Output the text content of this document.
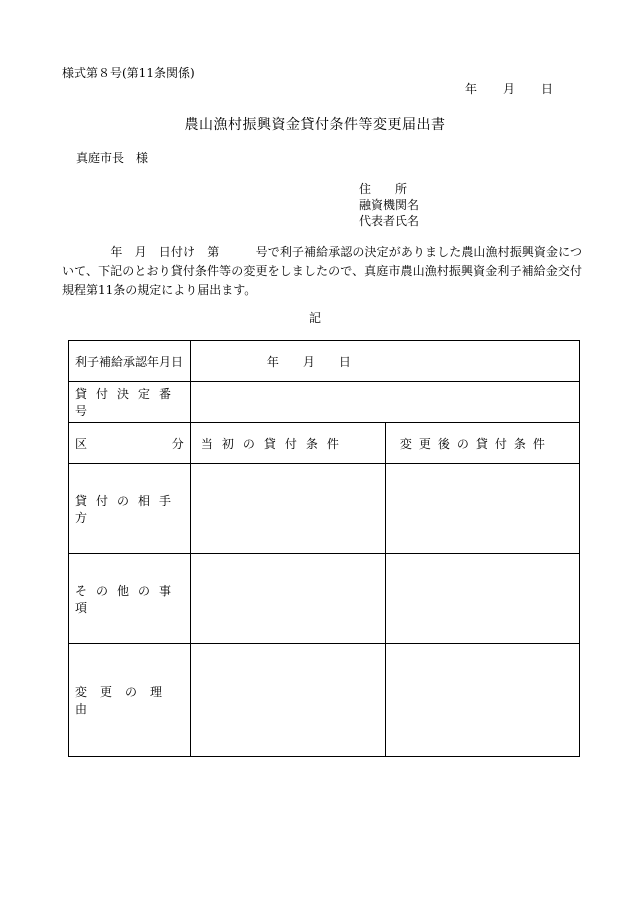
様式第８号(第11条関係)
年 月 日
農山漁村振興資金貸付条件等変更届出書
真庭市長　様
住　　所
融資機関名
代表者氏名
　　　　年　月　日付け　第　　　号で利子補給承認の決定がありました農山漁村振興資金について、下記のとおり貸付条件等の変更をしましたので、真庭市農山漁村振興資金利子補給金交付規程第11条の規定により届出ます。
記
利子補給承認年月日	年　　月　　日	
貸付決定番号		

区 分	当初の貸付条件	変更後の貸付条件
貸付の相手方		
その他の事項		
変更の理由		
